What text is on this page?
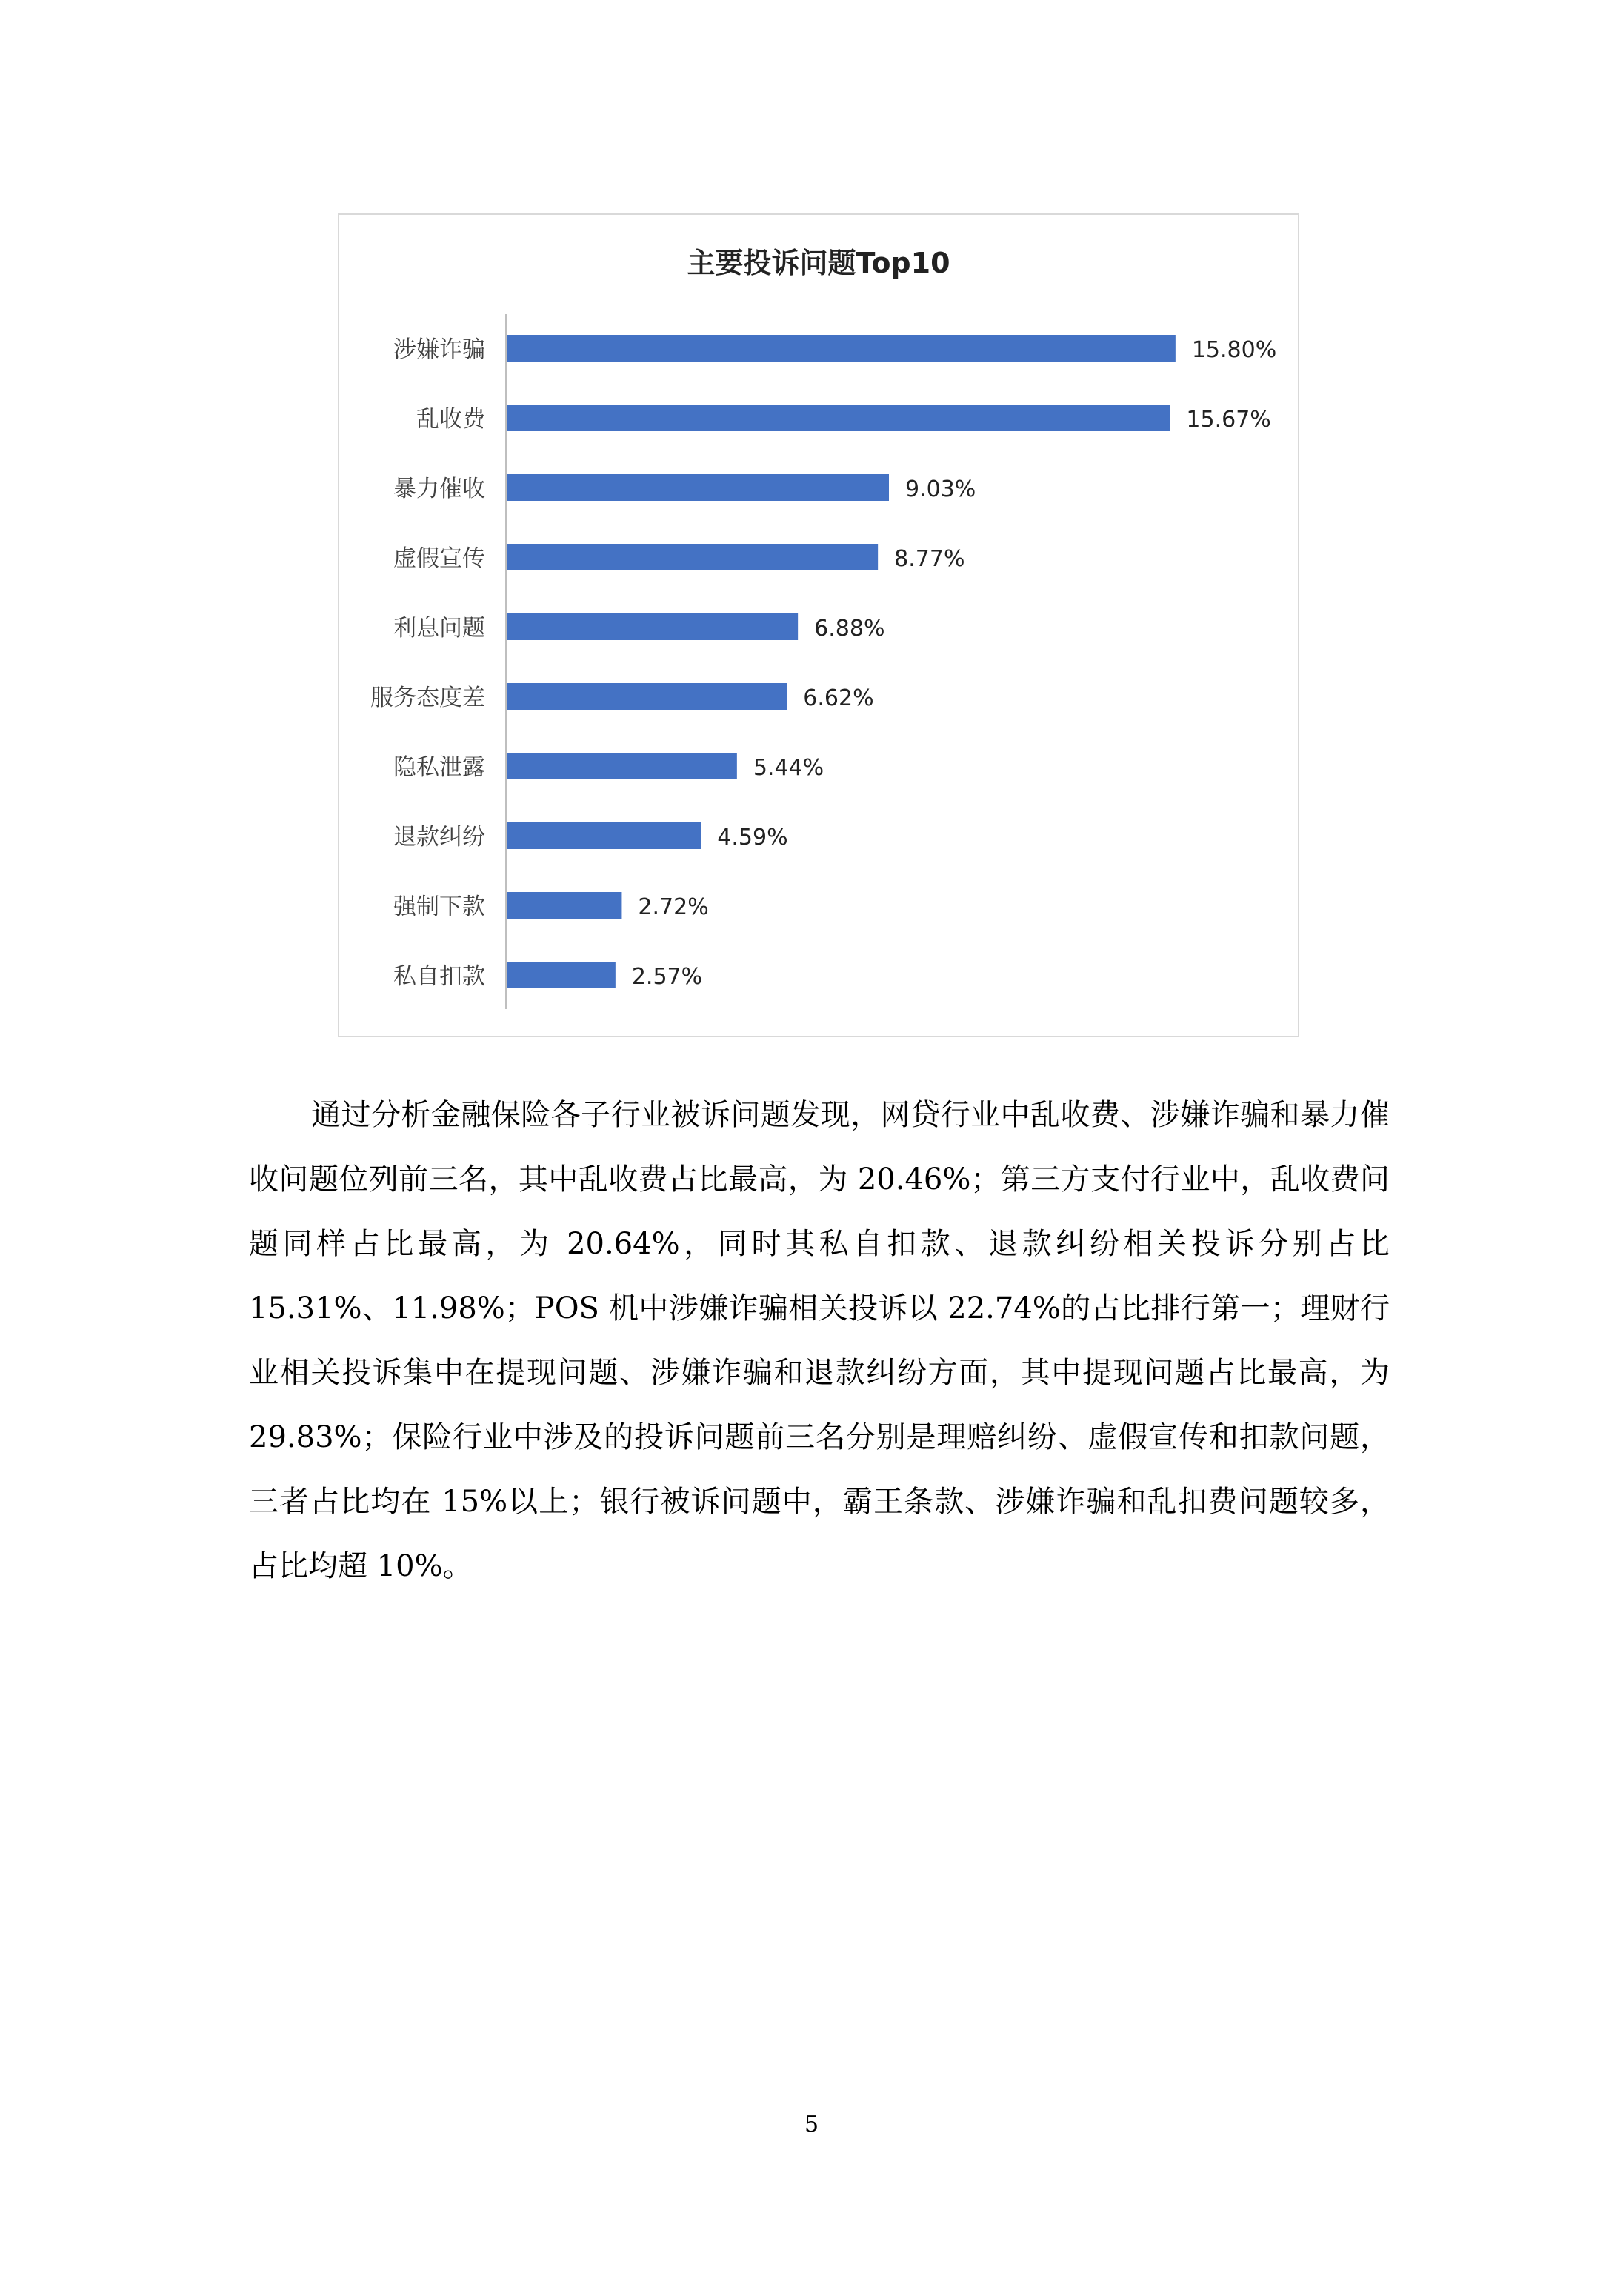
主要投诉问题Top10
涉嫌诈骗	15.80%
乱收费	15.67%
暴力催收	9.03%
虚假宣传	8.77%
利息问题	6.88%
服务态度差	6.62%
隐私泄露	5.44%
退款纠纷	4.59%
强制下款	2.72%
私自扣款	2.57%

通过分析金融保险各子行业被诉问题发现，网贷行业中乱收费、涉嫌诈骗和暴力催收问题位列前三名，其中乱收费占比最高，为 20.46%；第三方支付行业中，乱收费问题同样占比最高，为 20.64%，同时其私自扣款、退款纠纷相关投诉分别占比 15.31%、11.98%；POS 机中涉嫌诈骗相关投诉以 22.74%的占比排行第一；理财行业相关投诉集中在提现问题、涉嫌诈骗和退款纠纷方面，其中提现问题占比最高，为 29.83%；保险行业中涉及的投诉问题前三名分别是理赔纠纷、虚假宣传和扣款问题，三者占比均在 15%以上；银行被诉问题中，霸王条款、涉嫌诈骗和乱扣费问题较多，占比均超 10%。

5
